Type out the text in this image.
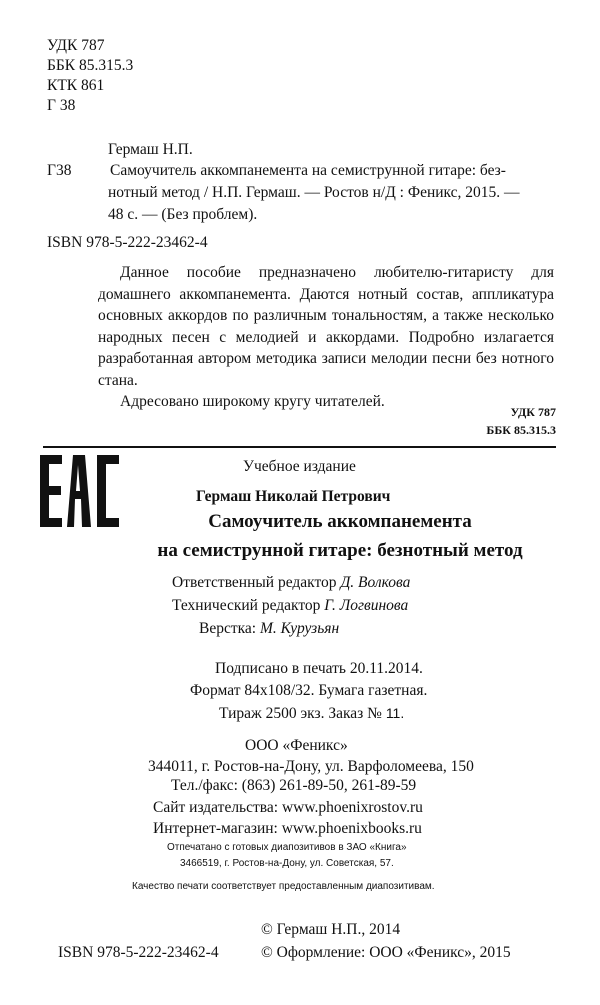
УДК 787
ББК 85.315.3
КТК 861
Г 38
Гермаш Н.П.
Г38 Самоучитель аккомпанемента на семиструнной гитаре: без-
нотный метод / Н.П. Гермаш. — Ростов н/Д : Феникс, 2015. —
48 с. — (Без проблем).
ISBN 978-5-222-23462-4

Данное пособие предназначено любителю-гитаристу для домашнего аккомпанемента. Даются нотный состав, аппликатура основных аккордов по различным тональностям, а также несколько народных песен с мелодией и аккордами. Подробно излагается разработанная автором методика записи мелодии песни без нотного стана.

Адресовано широкому кругу читателей.

УДК 787
ББК 85.315.3
Учебное издание
Гермаш Николай Петрович
Самоучитель аккомпанемента
на семиструнной гитаре: безнотный метод
Ответственный редактор Д. Волкова
Технический редактор Г. Логвинова
Верстка: М. Курузьян
Подписано в печать 20.11.2014.
Формат 84x108/32. Бумага газетная.
Тираж 2500 экз. Заказ № 11.
ООО «Феникс»
344011, г. Ростов-на-Дону, ул. Варфоломеева, 150
Тел./факс: (863) 261-89-50, 261-89-59
Сайт издательства: www.phoenixrostov.ru
Интернет-магазин: www.phoenixbooks.ru
Отпечатано с готовых диапозитивов в ЗАО «Книга»
3466519, г. Ростов-на-Дону, ул. Советская, 57.
Качество печати соответствует предоставленным диапозитивам.
© Гермаш Н.П., 2014
ISBN 978-5-222-23462-4	© Оформление: ООО «Феникс», 2015
